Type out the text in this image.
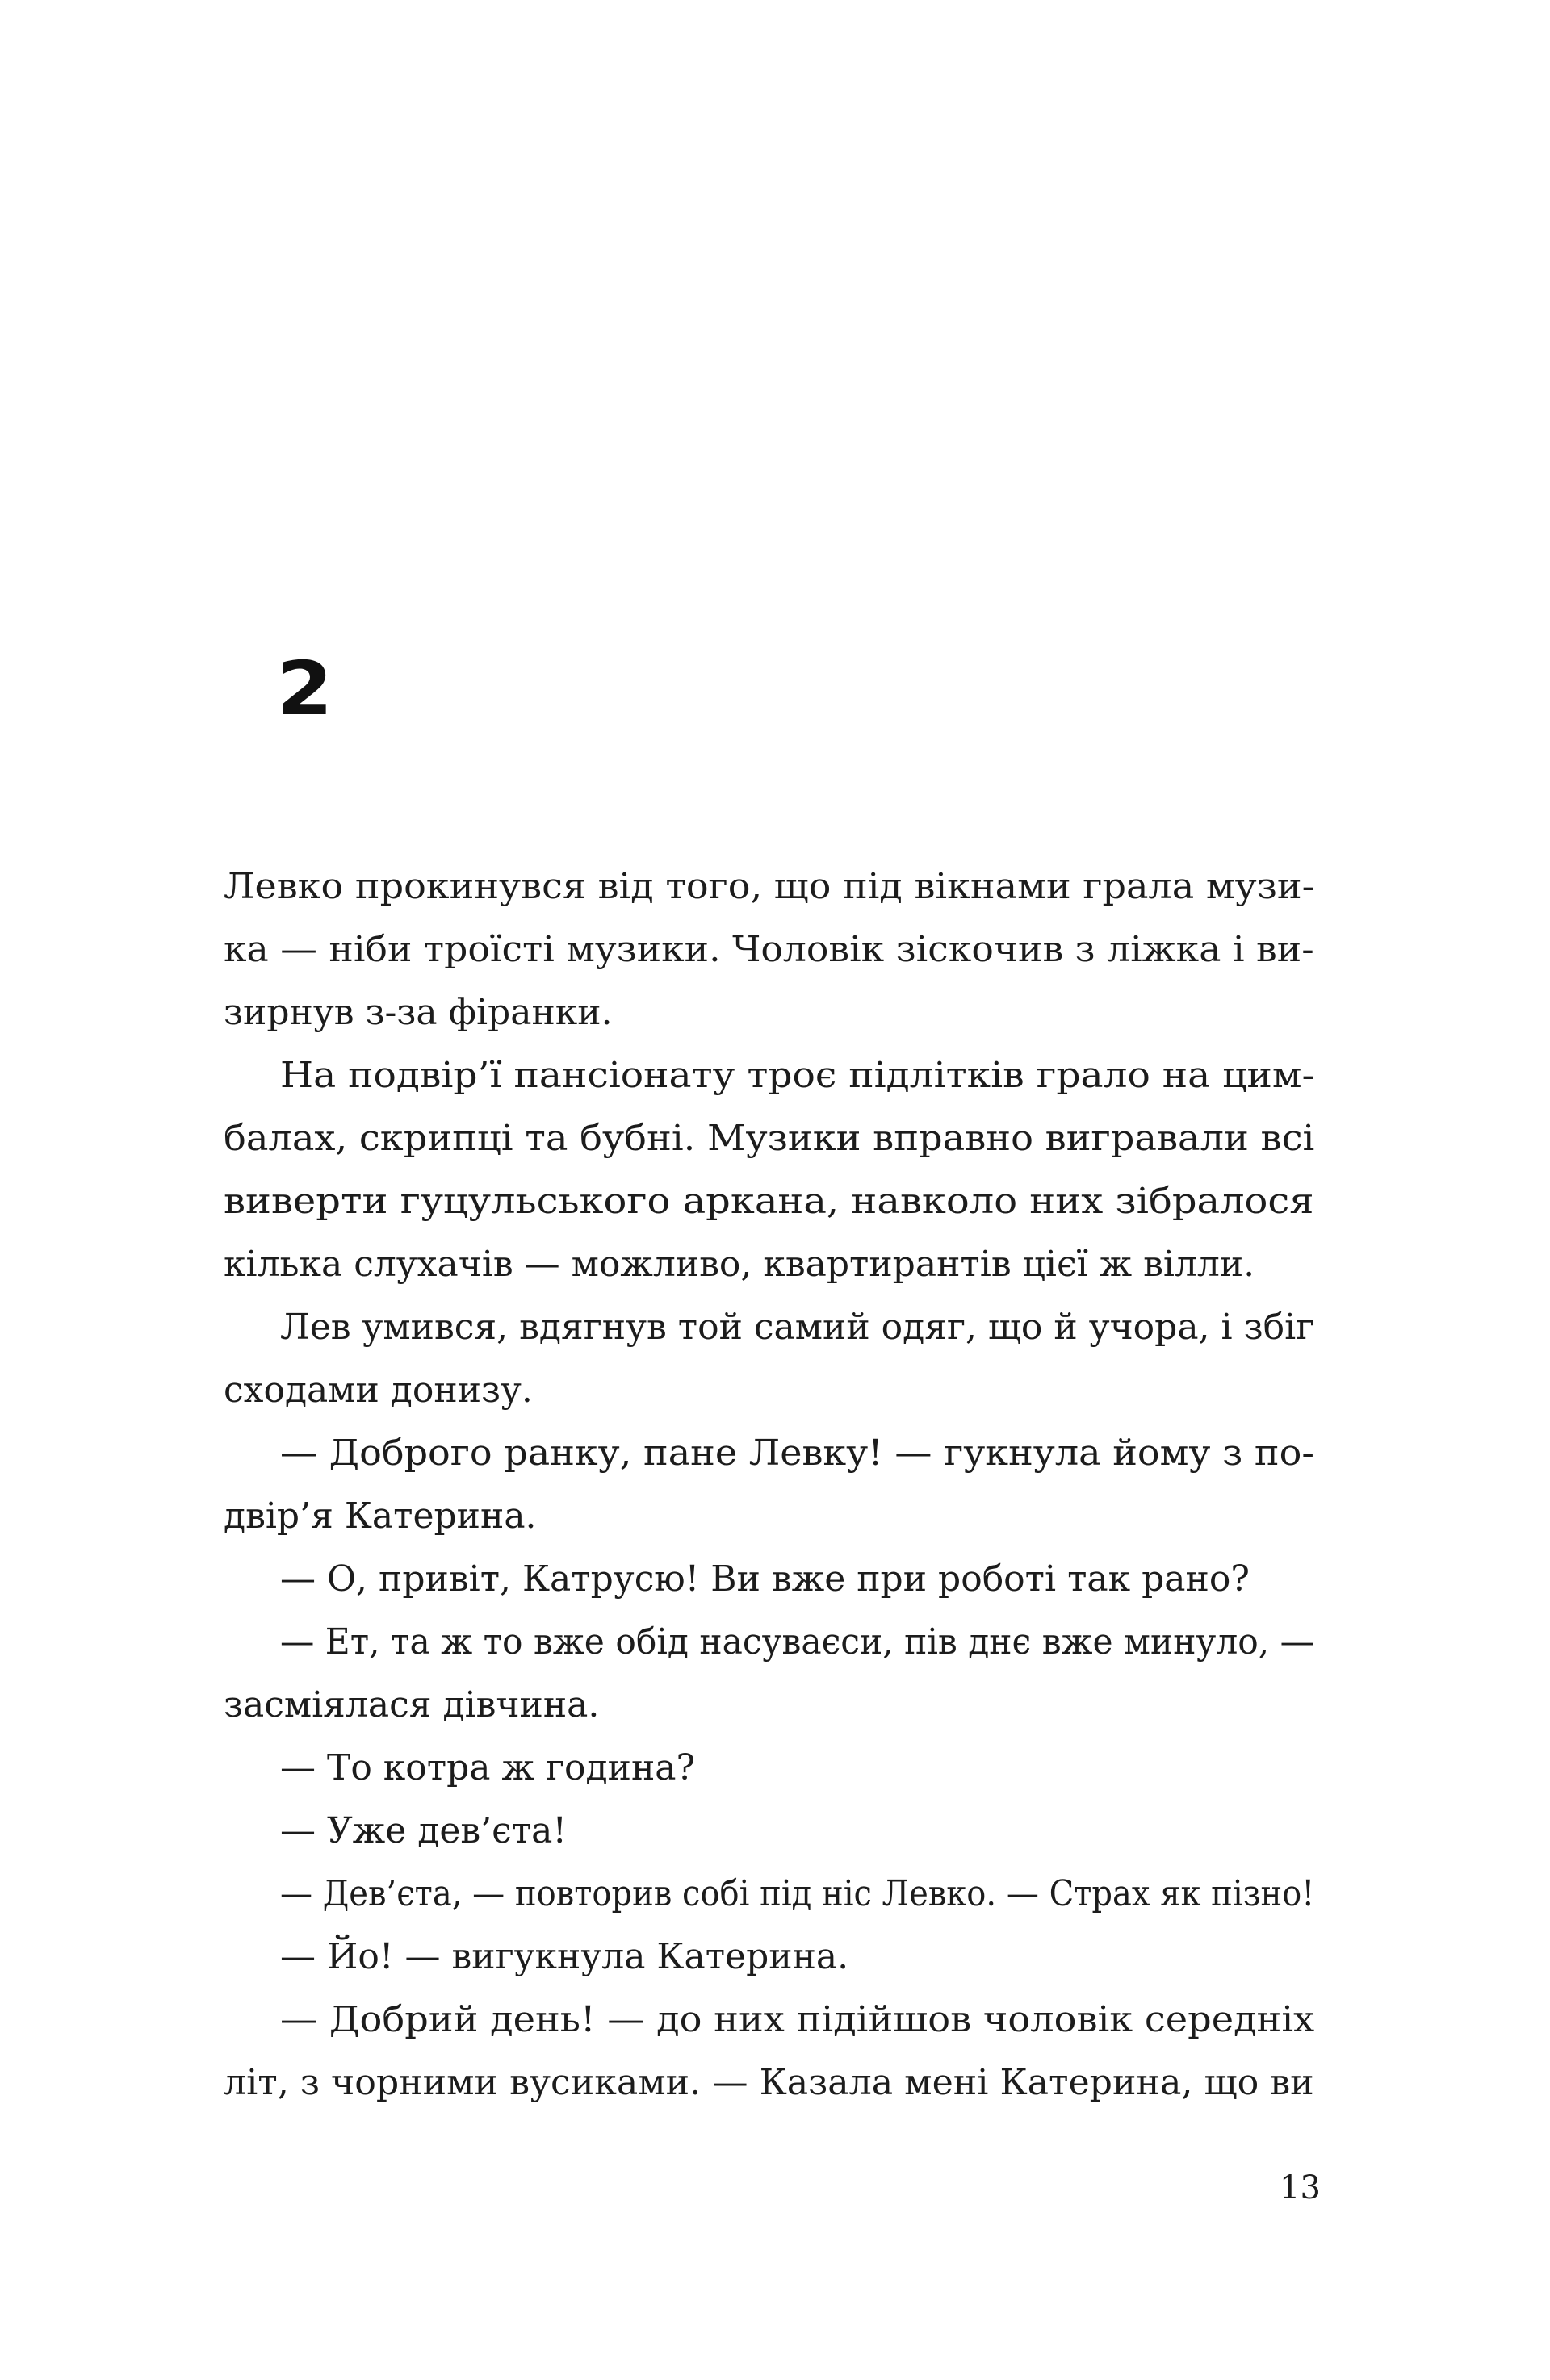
2
Левко прокинувся від того, що під вікнами грала музи-
ка — ніби троїсті музики. Чоловік зіскочив з ліжка і ви-
зирнув з-за фіранки.
На подвір’ї пансіонату троє підлітків грало на цим-
балах, скрипці та бубні. Музики вправно вигравали всі
виверти гуцульського аркана, навколо них зібралося
кілька слухачів — можливо, квартирантів цієї ж вілли.
Лев умився, вдягнув той самий одяг, що й учора, і збіг
сходами донизу.
— Доброго ранку, пане Левку! — гукнула йому з по-
двір’я Катерина.
— О, привіт, Катрусю! Ви вже при роботі так рано?
— Ет, та ж то вже обід насуваєси, пів днє вже минуло, —
засміялася дівчина.
— То котра ж година?
— Уже дев’єта!
— Дев’єта, — повторив собі під ніс Левко. — Страх як пізно!
— Йо! — вигукнула Катерина.
— Добрий день! — до них підійшов чоловік середніх
літ, з чорними вусиками. — Казала мені Катерина, що ви
13
